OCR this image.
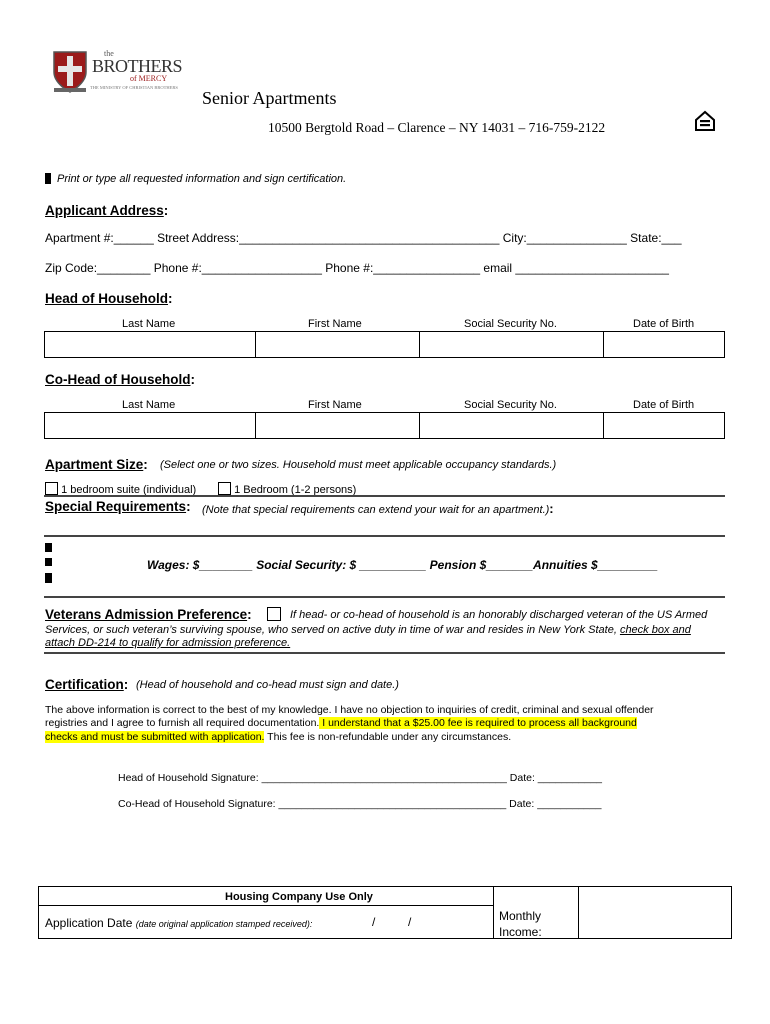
the
BROTHERS
of MERCY
THE MINISTRY OF CHRISTIAN BROTHERS
Senior Apartments
10500 Bergtold Road – Clarence – NY 14031 – 716-759-2122
Print or type all requested information and sign certification.
Applicant Address:
Apartment #:______ Street Address:_______________________________________ City:_______________ State:___
Zip Code:________ Phone #:__________________ Phone #:________________ email _______________________
Head of Household:
Last Name	First Name	Social Security No.	Date of Birth
Co-Head of Household:
Last Name	First Name	Social Security No.	Date of Birth
Apartment Size: (Select one or two sizes. Household must meet applicable occupancy standards.)
1 bedroom suite (individual)	1 Bedroom (1-2 persons)
Special Requirements: (Note that special requirements can extend your wait for an apartment.):
Wages: $________ Social Security: $ __________ Pension $_______Annuities $_________
Veterans Admission Preference:	If head- or co-head of household is an honorably discharged veteran of the US Armed
Services, or such veteran’s surviving spouse, who served on active duty in time of war and resides in New York State, check box and
attach DD-214 to qualify for admission preference.
Certification: (Head of household and co-head must sign and date.)
The above information is correct to the best of my knowledge. I have no objection to inquiries of credit, criminal and sexual offender
registries and I agree to furnish all required documentation. I understand that a $25.00 fee is required to process all background
checks and must be submitted with application. This fee is non-refundable under any circumstances.
Head of Household Signature: __________________________________________ Date: ___________
Co-Head of Household Signature: _______________________________________ Date: ___________
Housing Company Use Only
Application Date (date original application stamped received):	/	/	Monthly
Income:
